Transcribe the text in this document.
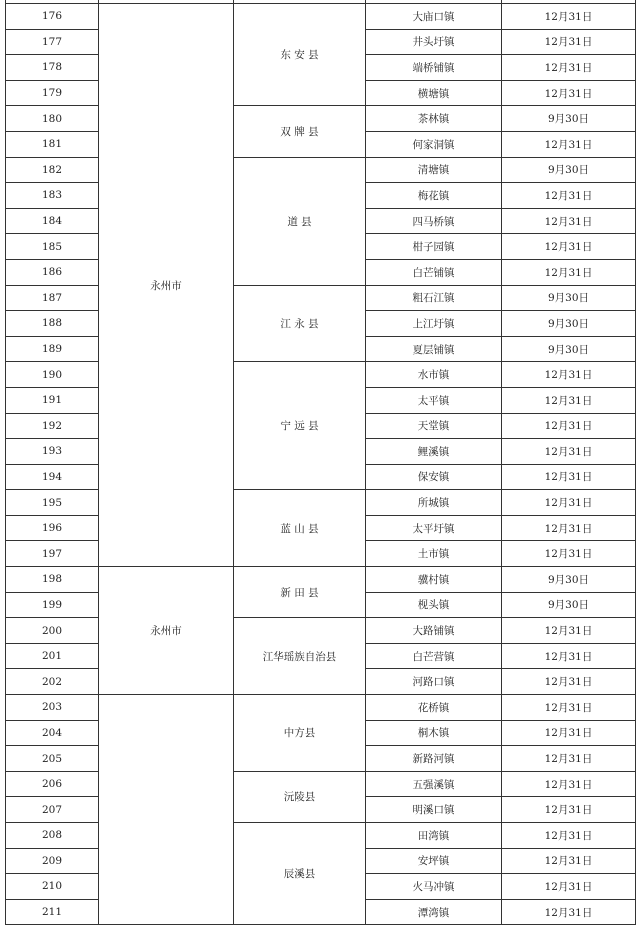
176	永州市	东 安 县	大庙口镇	12月31日
177			井头圩镇	12月31日
178			端桥铺镇	12月31日
179			横塘镇	12月31日
180		双 牌 县	茶林镇	9月30日
181			何家洞镇	12月31日
182		道 县	清塘镇	9月30日
183			梅花镇	12月31日
184			四马桥镇	12月31日
185			柑子园镇	12月31日
186			白芒铺镇	12月31日
187		江 永 县	粗石江镇	9月30日
188			上江圩镇	9月30日
189			夏层铺镇	9月30日
190		宁 远 县	水市镇	12月31日
191			太平镇	12月31日
192			天堂镇	12月31日
193			鲤溪镇	12月31日
194			保安镇	12月31日
195		蓝 山 县	所城镇	12月31日
196			太平圩镇	12月31日
197			土市镇	12月31日
198	永州市	新 田 县	骥村镇	9月30日
199			枧头镇	9月30日
200		江华瑶族自治县	大路铺镇	12月31日
201			白芒营镇	12月31日
202			河路口镇	12月31日
203		中方县	花桥镇	12月31日
204			桐木镇	12月31日
205			新路河镇	12月31日
206		沅陵县	五强溪镇	12月31日
207			明溪口镇	12月31日
208		辰溪县	田湾镇	12月31日
209			安坪镇	12月31日
210			火马冲镇	12月31日
211			潭湾镇	12月31日
